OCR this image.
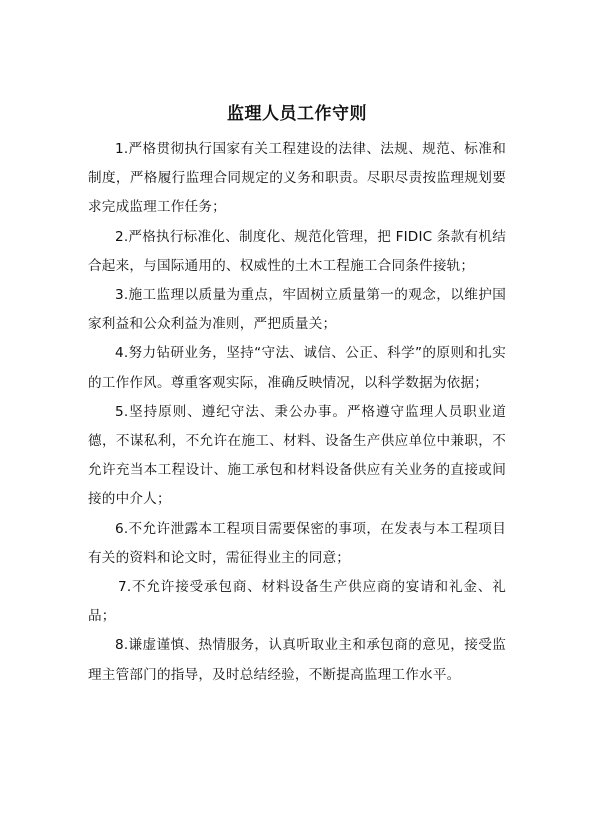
监理人员工作守则

1.严格贯彻执行国家有关工程建设的法律、法规、规范、标准和制度，严格履行监理合同规定的义务和职责。尽职尽责按监理规划要求完成监理工作任务；

2.严格执行标准化、制度化、规范化管理，把 FIDIC 条款有机结合起来，与国际通用的、权威性的土木工程施工合同条件接轨；

3.施工监理以质量为重点，牢固树立质量第一的观念，以维护国家利益和公众利益为准则，严把质量关；

4.努力钻研业务，坚持“守法、诚信、公正、科学”的原则和扎实的工作作风。尊重客观实际，准确反映情况，以科学数据为依据；

5.坚持原则、遵纪守法、秉公办事。严格遵守监理人员职业道德，不谋私利，不允许在施工、材料、设备生产供应单位中兼职，不允许充当本工程设计、施工承包和材料设备供应有关业务的直接或间接的中介人；

6.不允许泄露本工程项目需要保密的事项，在发表与本工程项目有关的资料和论文时，需征得业主的同意；

7.不允许接受承包商、材料设备生产供应商的宴请和礼金、礼品；

8.谦虚谨慎、热情服务，认真听取业主和承包商的意见，接受监理主管部门的指导，及时总结经验，不断提高监理工作水平。
